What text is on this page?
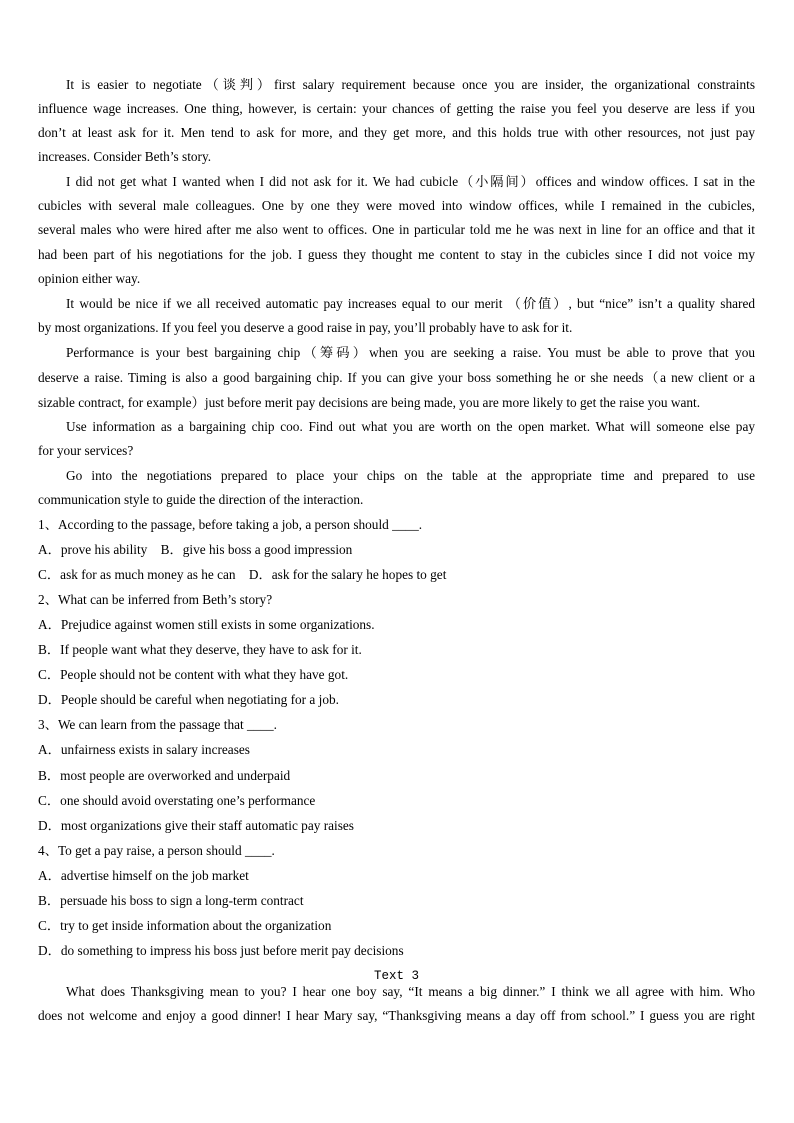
It is easier to negotiate（谈判）first salary requirement because once you are insider, the organizational constraints
influence wage increases. One thing, however, is certain: your chances of getting the raise you feel you deserve are less if you
don’t at least ask for it. Men tend to ask for more, and they get more, and this holds true with other resources, not just pay
increases. Consider Beth’s story.
I did not get what I wanted when I did not ask for it. We had cubicle（小隔间）offices and window offices. I sat in the
cubicles with several male colleagues. One by one they were moved into window offices, while I remained in the cubicles,
several males who were hired after me also went to offices. One in particular told me he was next in line for an office and that it
had been part of his negotiations for the job. I guess they thought me content to stay in the cubicles since I did not voice my
opinion either way.
It would be nice if we all received automatic pay increases equal to our merit （价值）, but “nice” isn’t a quality shared
by most organizations. If you feel you deserve a good raise in pay, you’ll probably have to ask for it.
Performance is your best bargaining chip（筹码）when you are seeking a raise. You must be able to prove that you
deserve a raise. Timing is also a good bargaining chip. If you can give your boss something he or she needs（a new client or a
sizable contract, for example）just before merit pay decisions are being made, you are more likely to get the raise you want.
Use information as a bargaining chip coo. Find out what you are worth on the open market. What will someone else pay
for your services?
Go into the negotiations prepared to place your chips on the table at the appropriate time and prepared to use
communication style to guide the direction of the interaction.
1、According to the passage, before taking a job, a person should ____.
A．prove his ability　B．give his boss a good impression
C．ask for as much money as he can　D．ask for the salary he hopes to get
2、What can be inferred from Beth’s story?
A．Prejudice against women still exists in some organizations.
B．If people want what they deserve, they have to ask for it.
C．People should not be content with what they have got.
D．People should be careful when negotiating for a job.
3、We can learn from the passage that ____.
A．unfairness exists in salary increases
B．most people are overworked and underpaid
C．one should avoid overstating one’s performance
D．most organizations give their staff automatic pay raises
4、To get a pay raise, a person should ____.
A．advertise himself on the job market
B．persuade his boss to sign a long-term contract
C．try to get inside information about the organization
D．do something to impress his boss just before merit pay decisions
Text 3
What does Thanksgiving mean to you? I hear one boy say, “It means a big dinner.” I think we all agree with him. Who
does not welcome and enjoy a good dinner! I hear Mary say, “Thanksgiving means a day off from school.” I guess you are right
